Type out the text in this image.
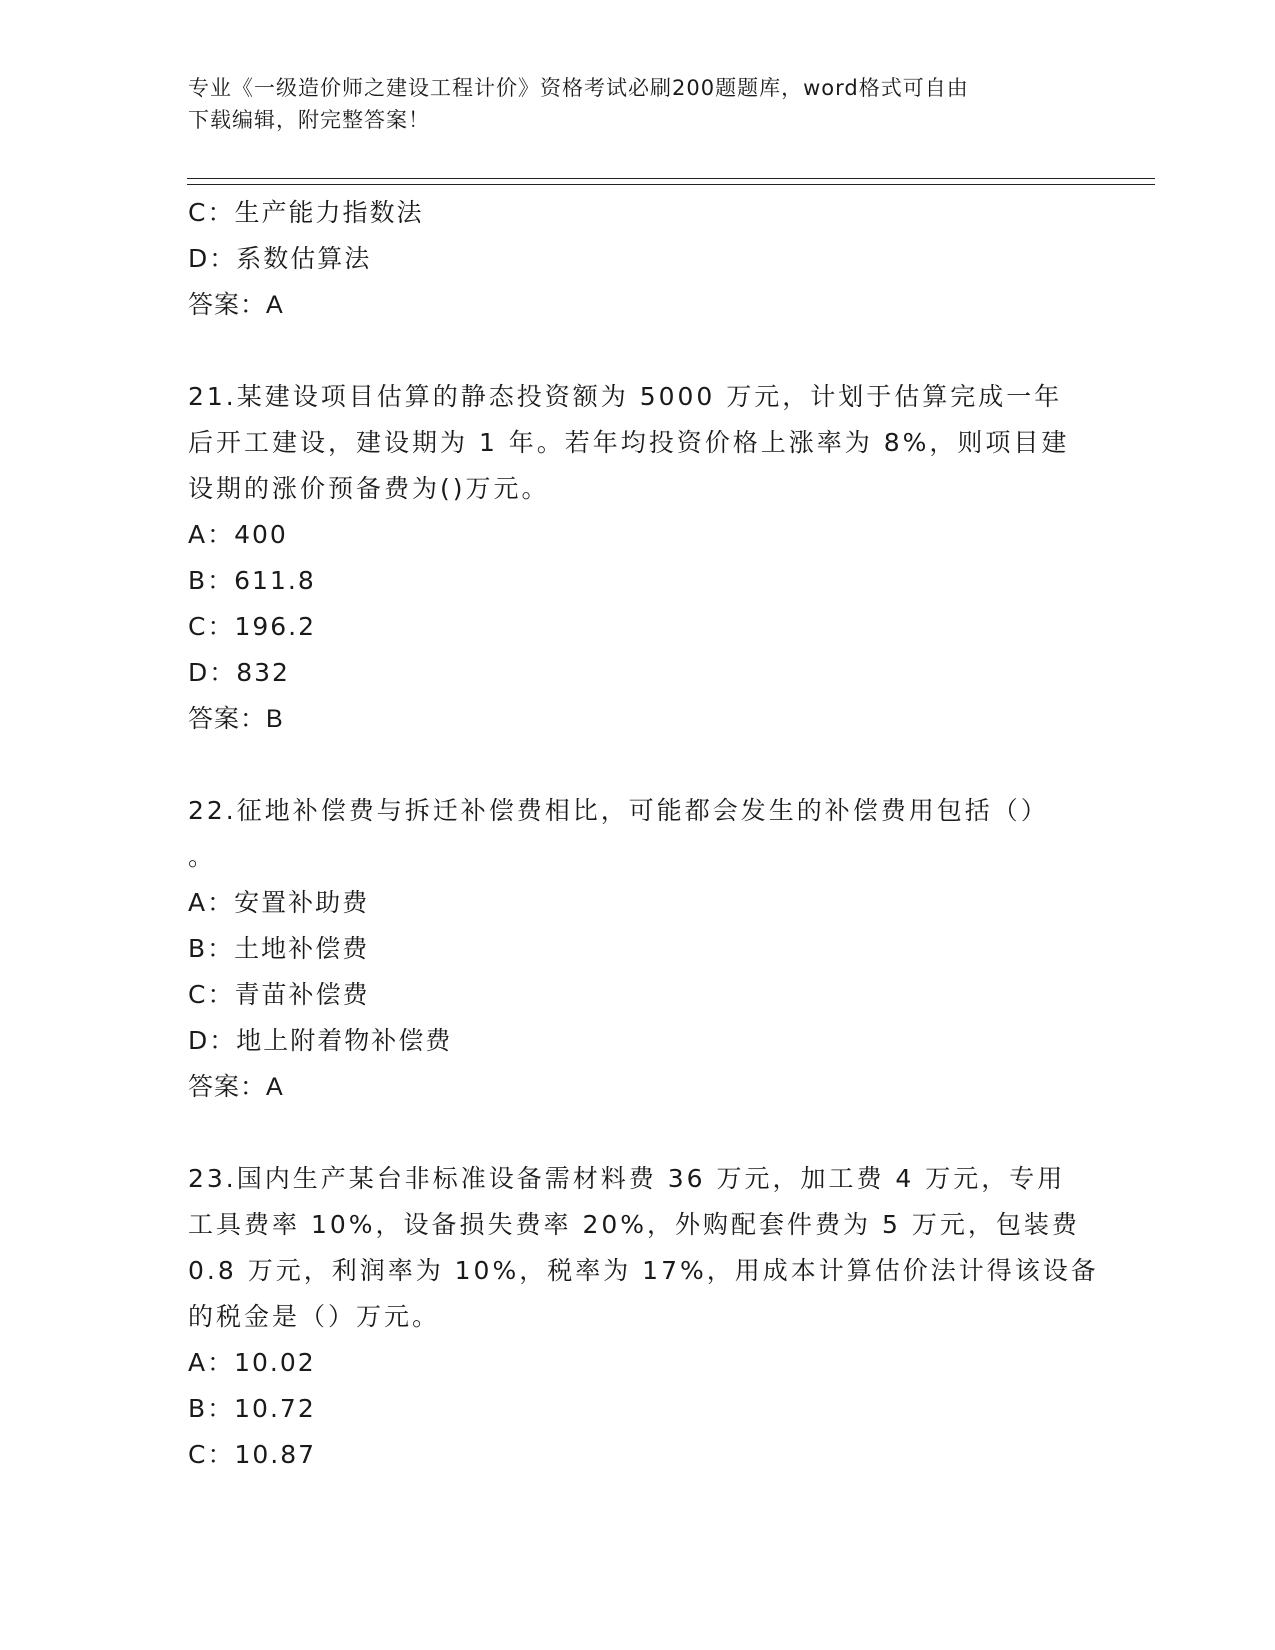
专业《一级造价师之建设工程计价》资格考试必刷200题题库，word格式可自由
下载编辑，附完整答案！
C：生产能力指数法
D：系数估算法
答案：A
21.某建设项目估算的静态投资额为 5000 万元，计划于估算完成一年
后开工建设，建设期为 1 年。若年均投资价格上涨率为 8%，则项目建
设期的涨价预备费为()万元。
A：400
B：611.8
C：196.2
D：832
答案：B
22.征地补偿费与拆迁补偿费相比，可能都会发生的补偿费用包括（）
。
A：安置补助费
B：土地补偿费
C：青苗补偿费
D：地上附着物补偿费
答案：A
23.国内生产某台非标准设备需材料费 36 万元，加工费 4 万元，专用
工具费率 10%，设备损失费率 20%，外购配套件费为 5 万元，包装费
0.8 万元，利润率为 10%，税率为 17%，用成本计算估价法计得该设备
的税金是（）万元。
A：10.02
B：10.72
C：10.87
